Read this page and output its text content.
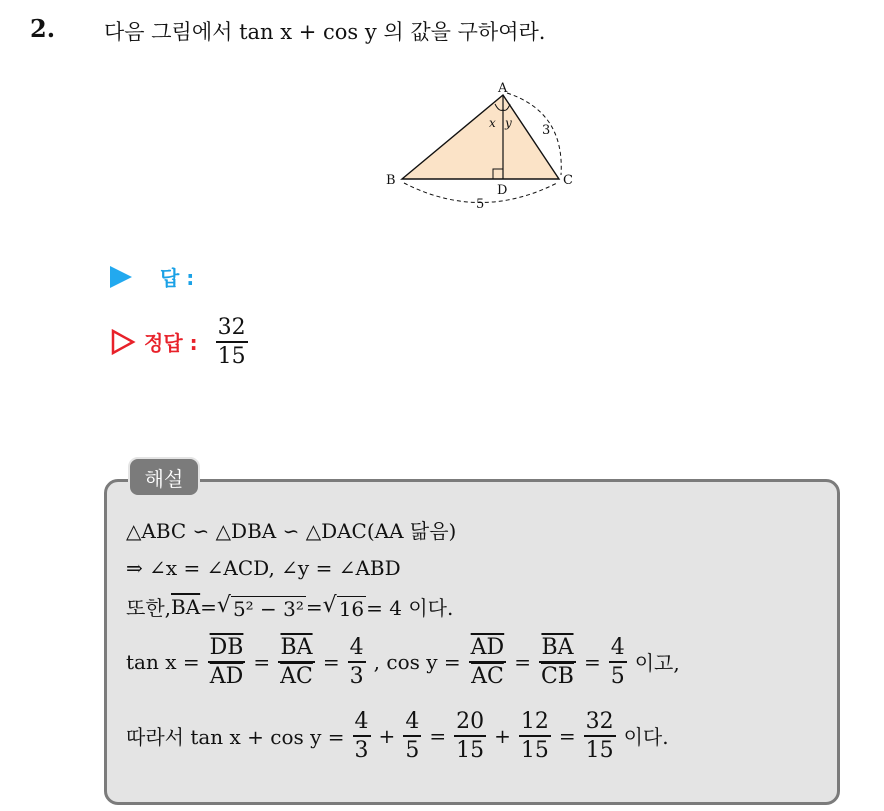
2. 다음 그림에서 tan x + cos y 의 값을 구하여라.
A
B	C
D
x y 3
5
답 :
정답 : $\frac{32}{15}$
해설
△ABC ∽ △DBA ∽ △DAC(AA 닮음)
⇒ ∠x = ∠ACD, ∠y = ∠ABD
또한, $\overline{BA}$ = √ 5² − 3² = √ 16 = 4 이다.
$\tan x = \frac{\overline{DB}}{AD} = \frac{\overline{BA}}{AC} = \frac{4}{3}$ , $\cos y = \frac{\overline{AD}}{AC} = \frac{\overline{BA}}{CB} = \frac{4}{5}$ 이고,
따라서 $\tan x + \cos y = \frac{4}{3} + \frac{4}{5} = \frac{20}{15} + \frac{12}{15} = \frac{32}{15}$ 이다.
